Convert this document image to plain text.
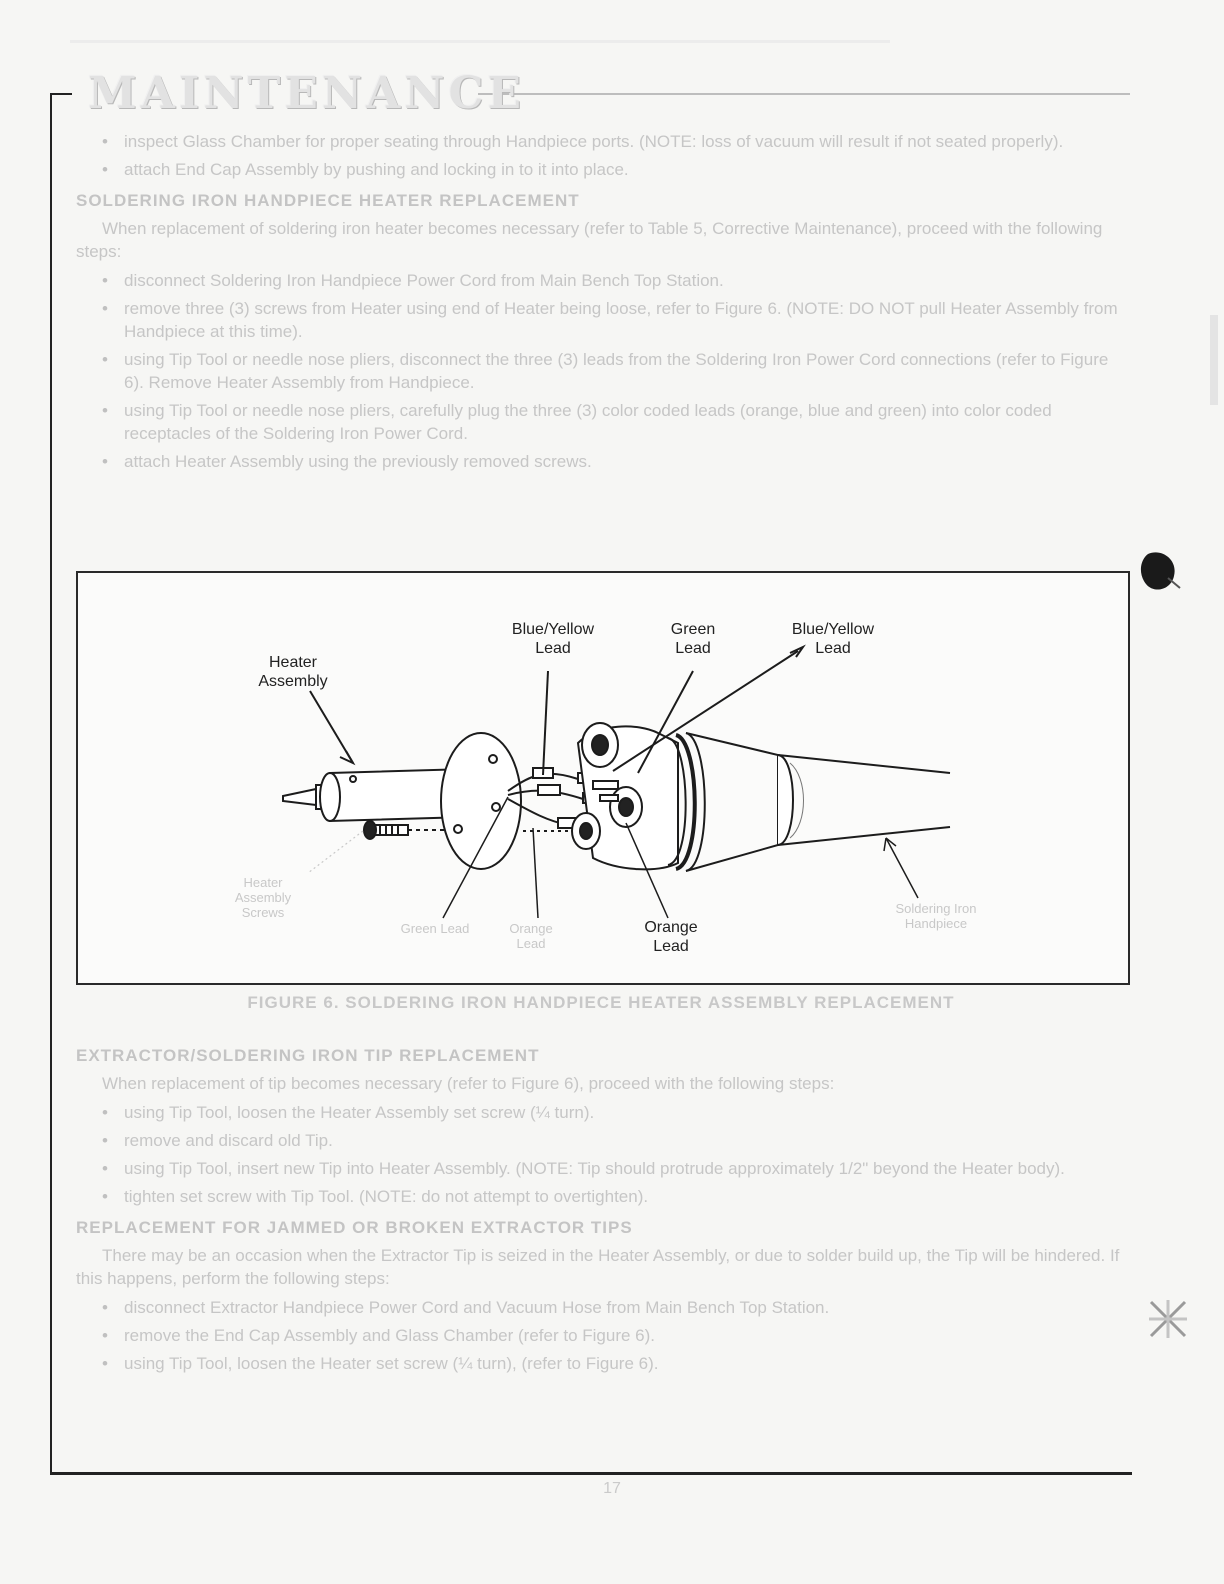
MAINTENANCE
• inspect Glass Chamber for proper seating through Handpiece ports. (NOTE: loss of vacuum will result if not seated properly).
• attach End Cap Assembly by pushing and locking in to it into place.
SOLDERING IRON HANDPIECE HEATER REPLACEMENT

When replacement of soldering iron heater becomes necessary (refer to Table 5, Corrective Maintenance), proceed with the following steps:

• disconnect Soldering Iron Handpiece Power Cord from Main Bench Top Station.
• remove three (3) screws from Heater using end of Heater being loose, refer to Figure 6. (NOTE: DO NOT pull Heater Assembly from Handpiece at this time).
• using Tip Tool or needle nose pliers, disconnect the three (3) leads from the Soldering Iron Power Cord connections (refer to Figure 6). Remove Heater Assembly from Handpiece.
• using Tip Tool or needle nose pliers, carefully plug the three (3) color coded leads (orange, blue and green) into color coded receptacles of the Soldering Iron Power Cord.
• attach Heater Assembly using the previously removed screws.
Heater Assembly
Blue/Yellow Lead
Green Lead
Blue/Yellow Lead
Heater Assembly Screws
Green Lead	Orange Lead
Orange Lead
Soldering Iron Handpiece
FIGURE 6. SOLDERING IRON HANDPIECE HEATER ASSEMBLY REPLACEMENT
EXTRACTOR/SOLDERING IRON TIP REPLACEMENT

When replacement of tip becomes necessary (refer to Figure 6), proceed with the following steps:

• using Tip Tool, loosen the Heater Assembly set screw (¼ turn).
• remove and discard old Tip.
• using Tip Tool, insert new Tip into Heater Assembly. (NOTE: Tip should protrude approximately 1/2" beyond the Heater body).
• tighten set screw with Tip Tool. (NOTE: do not attempt to overtighten).
REPLACEMENT FOR JAMMED OR BROKEN EXTRACTOR TIPS

There may be an occasion when the Extractor Tip is seized in the Heater Assembly, or due to solder build up, the Tip will be hindered. If this happens, perform the following steps:

• disconnect Extractor Handpiece Power Cord and Vacuum Hose from Main Bench Top Station.
• remove the End Cap Assembly and Glass Chamber (refer to Figure 6).
• using Tip Tool, loosen the Heater set screw (¼ turn), (refer to Figure 6).
17
